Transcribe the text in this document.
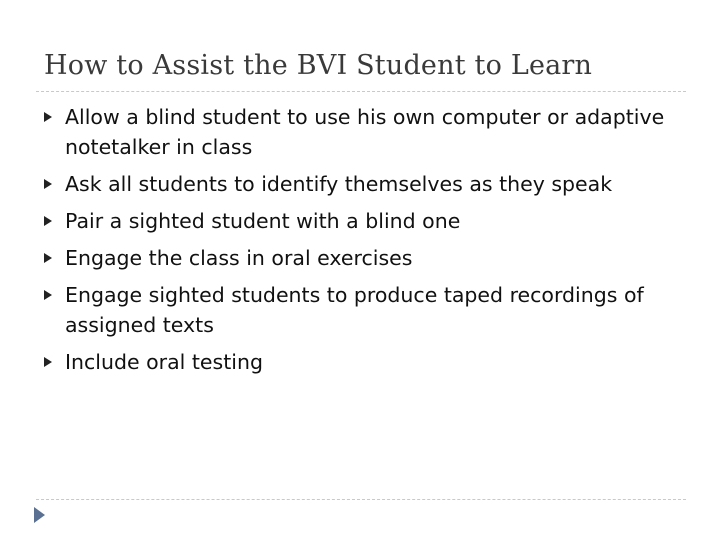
How to Assist the BVI Student to Learn
Allow a blind student to use his own computer or adaptive notetalker in class
Ask all students to identify themselves as they speak
Pair a sighted student with a blind one
Engage the class in oral exercises
Engage sighted students to produce taped recordings of assigned texts
Include oral testing
